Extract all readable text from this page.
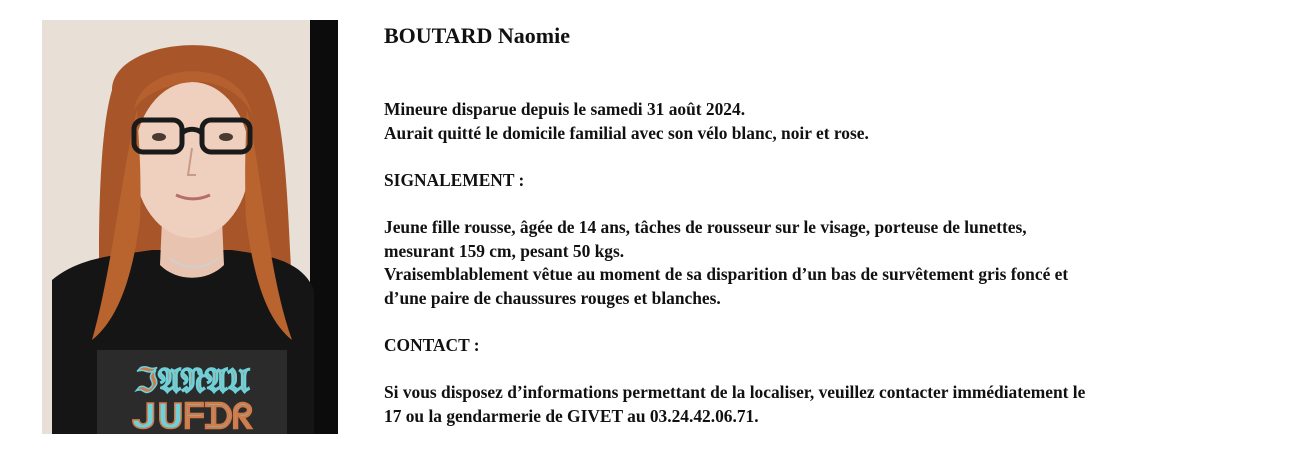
ℑ𝔄𝔑𝔄𝔘
ᒍᑌᖴᗪᖇ
BOUTARD Naomie
Mineure disparue depuis le samedi 31 août 2024.
Aurait quitté le domicile familial avec son vélo blanc, noir et rose.
SIGNALEMENT :
Jeune fille rousse, âgée de 14 ans, tâches de rousseur sur le visage, porteuse de lunettes,
mesurant 159 cm, pesant 50 kgs.
Vraisemblablement vêtue au moment de sa disparition d’un bas de survêtement gris foncé et
d’une paire de chaussures rouges et blanches.
CONTACT :
Si vous disposez d’informations permettant de la localiser, veuillez contacter immédiatement le
17 ou la gendarmerie de GIVET au 03.24.42.06.71.
